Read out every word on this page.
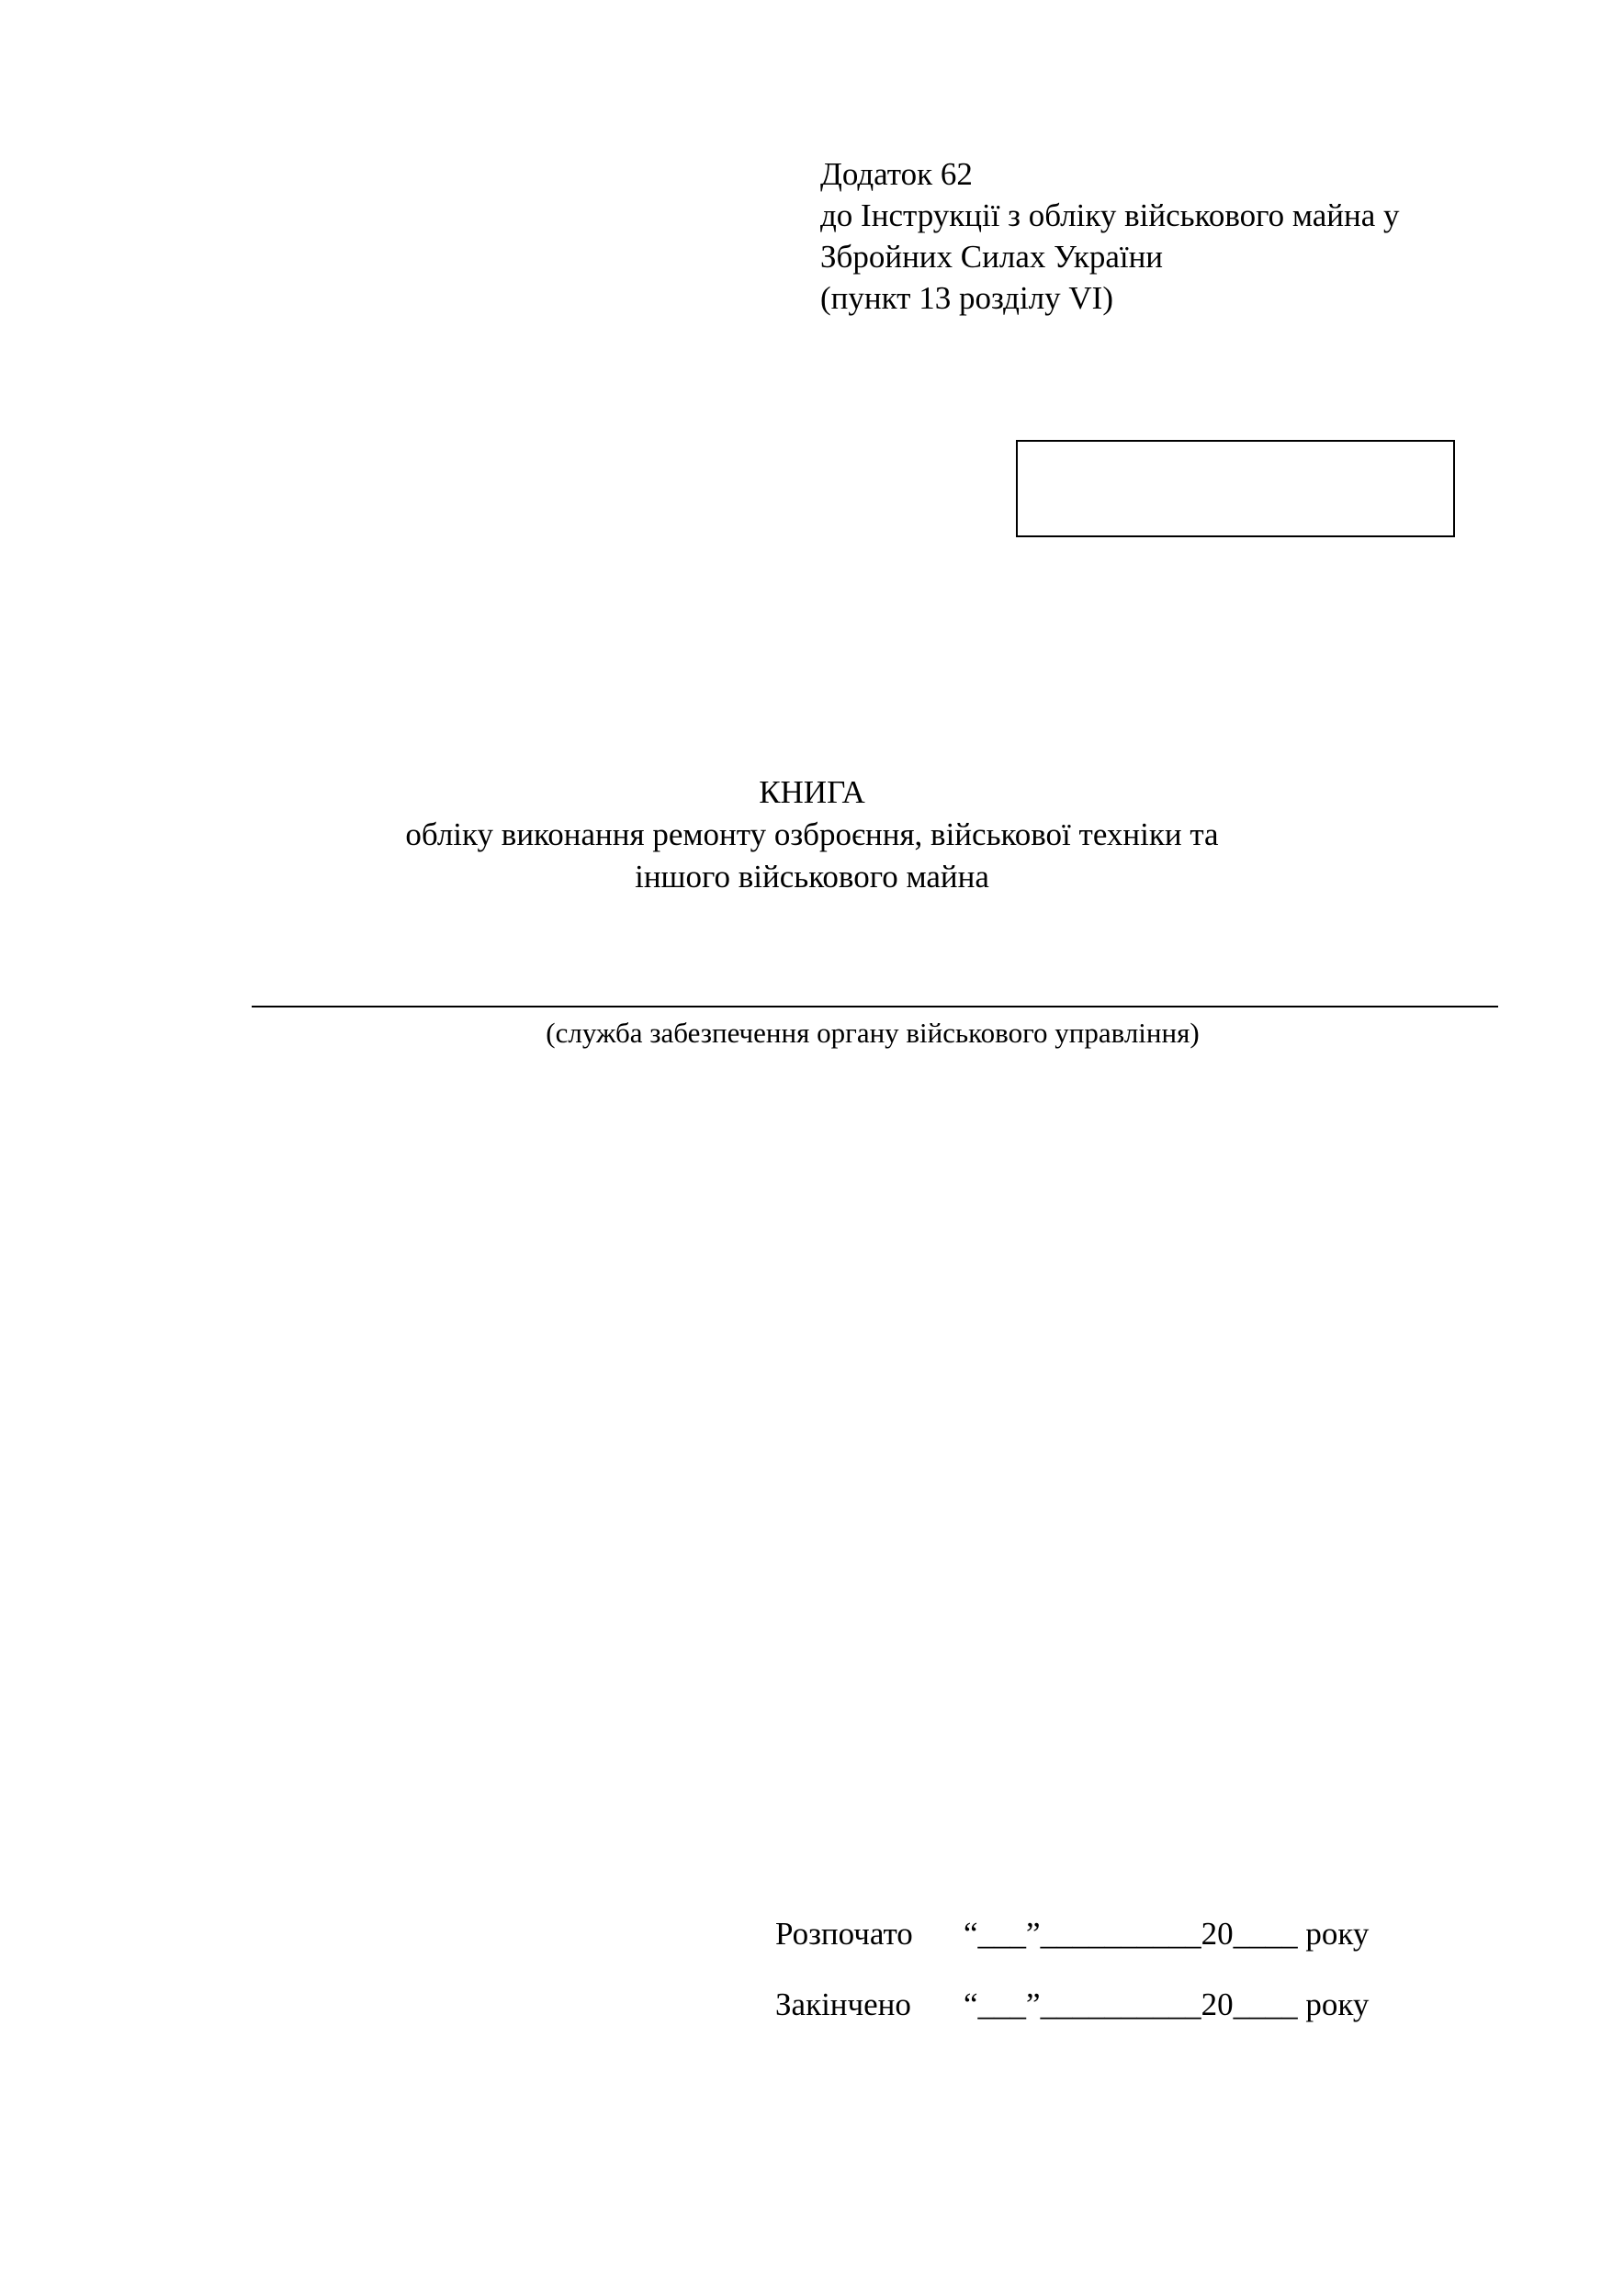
Додаток 62
до Інструкції з обліку військового майна у
Збройних Силах України
(пункт 13 розділу VІ)
КНИГА
обліку виконання ремонту озброєння, військової техніки та
іншого військового майна
(служба забезпечення органу військового управління)
Розпочато “___”__________20____ року
Закінчено “___”__________20____ року
